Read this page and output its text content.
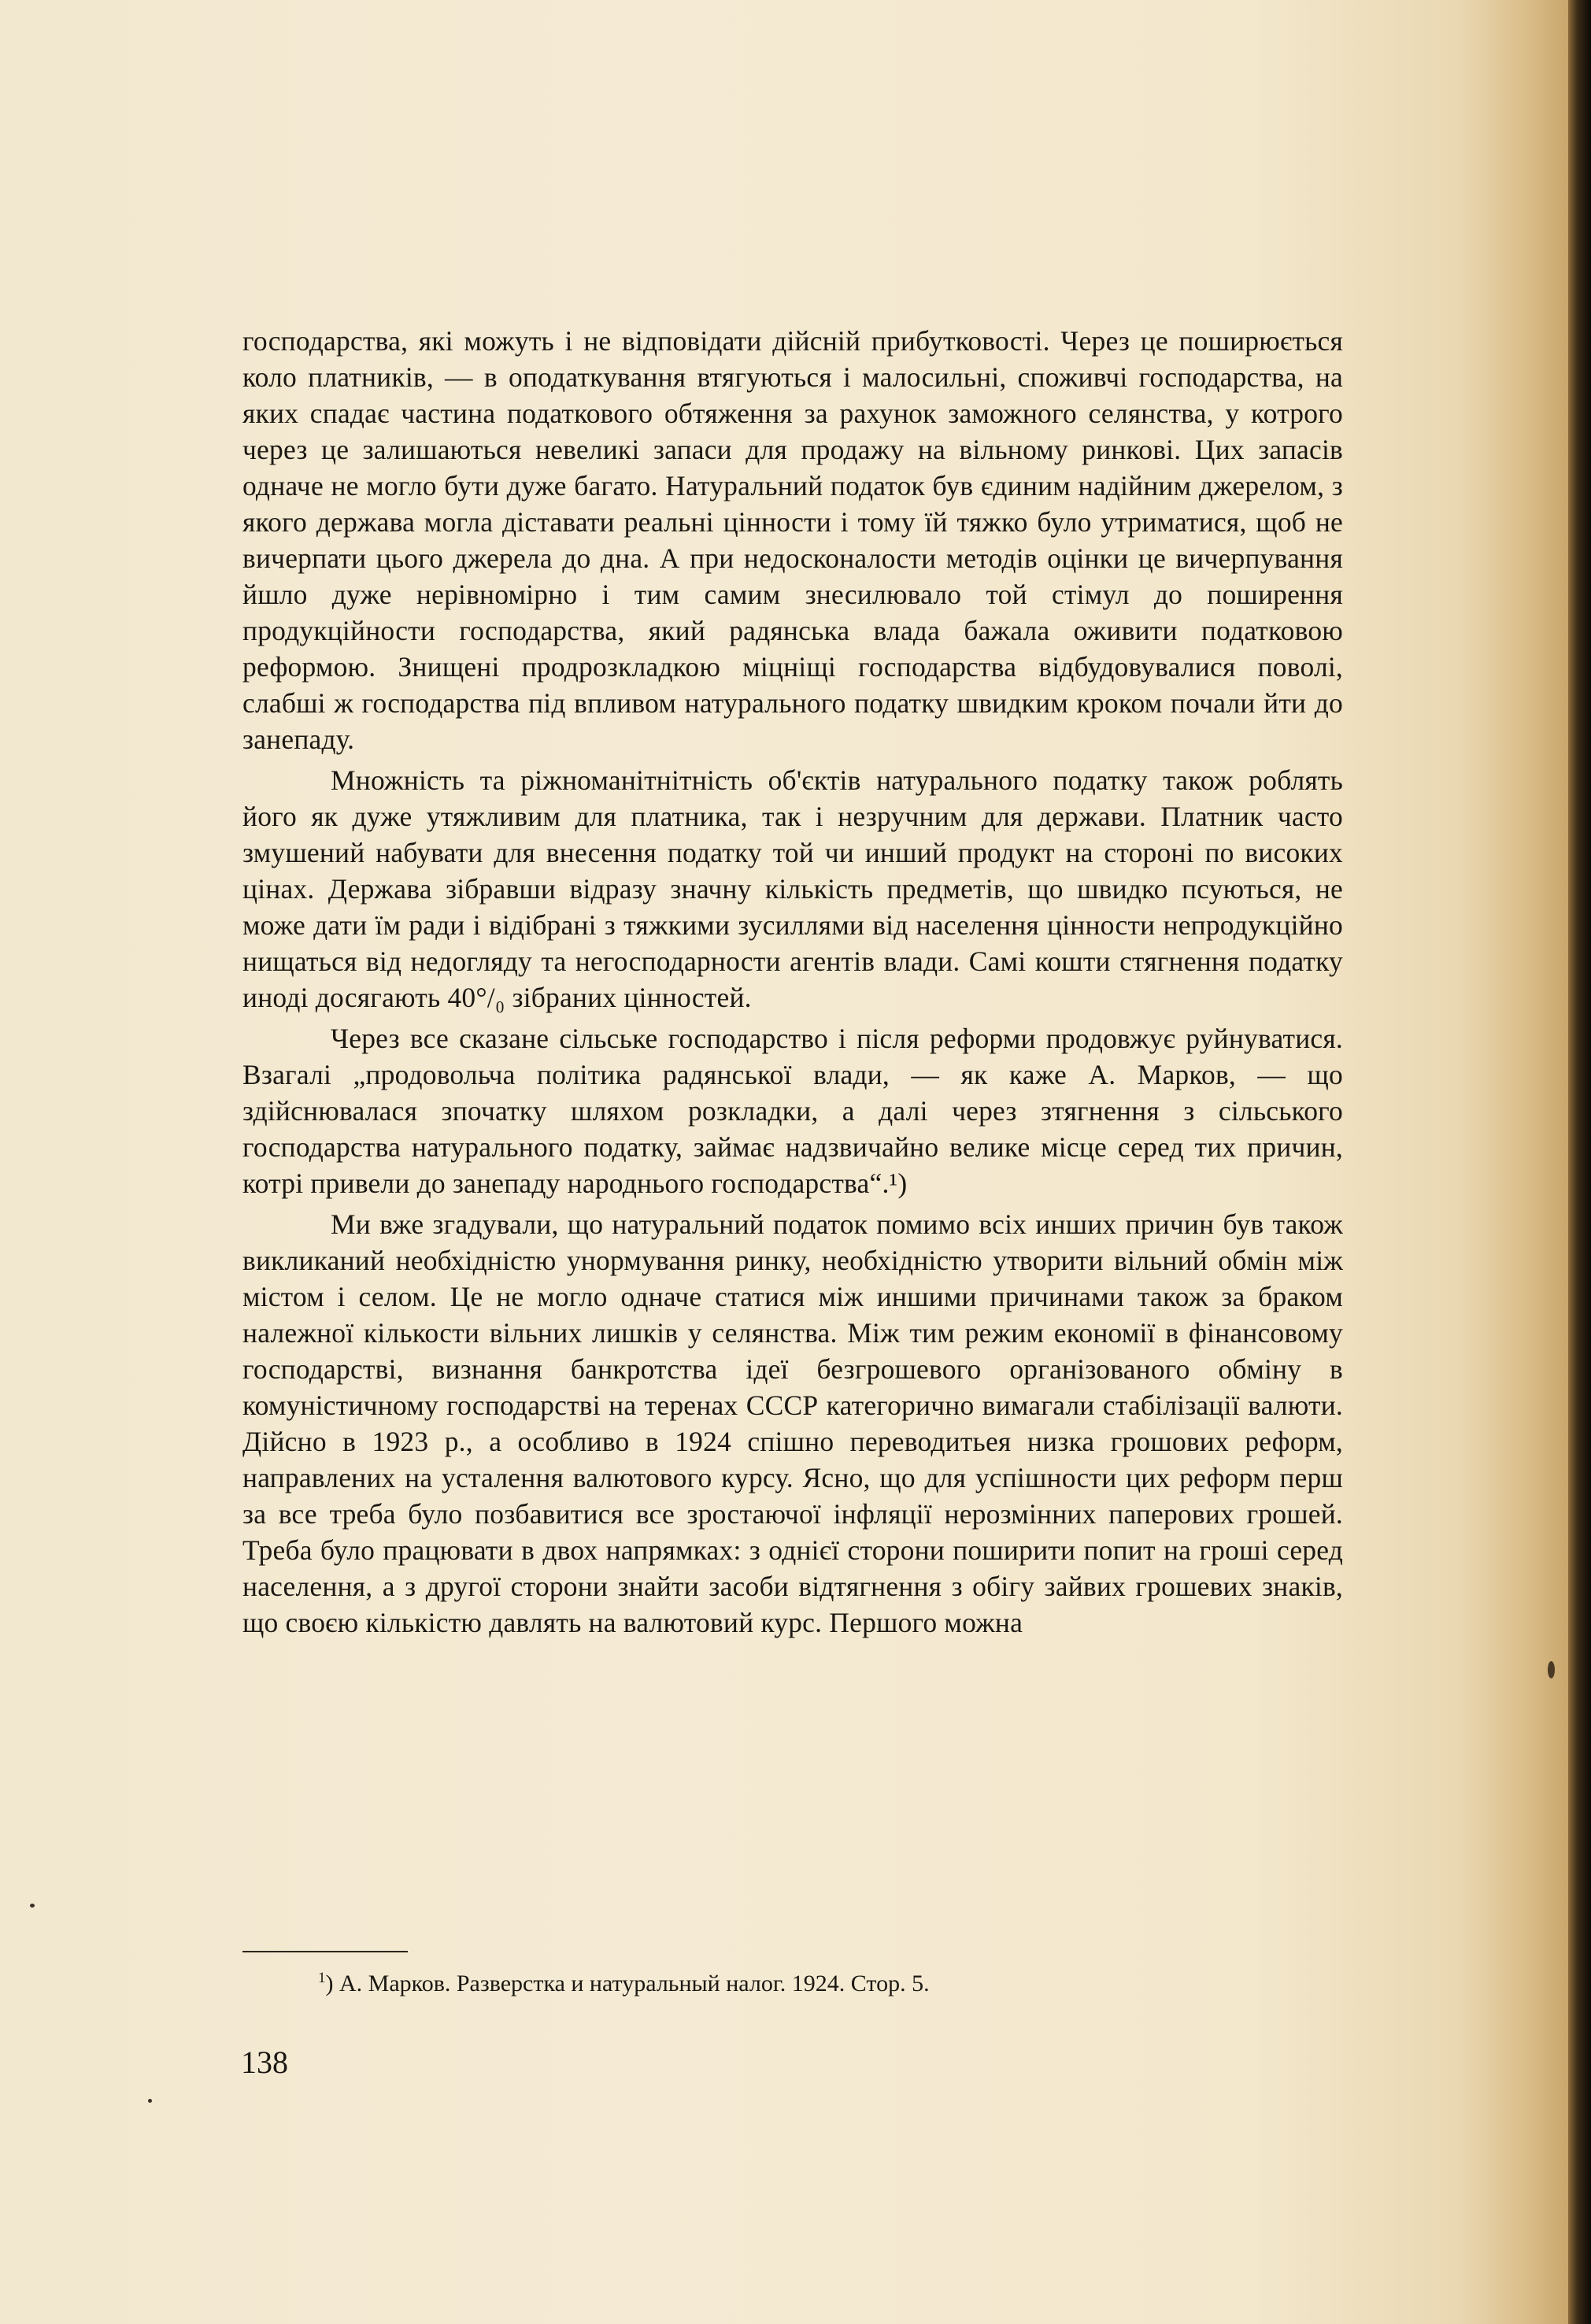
господарства, які можуть і не відповідати дійсній прибутковості. Через це поширюється коло платників, — в оподаткування втягуються і малосильні, споживчі господарства, на яких спадає частина податкового обтяження за рахунок заможного селянства, у котрого через це залишаються невеликі запаси для продажу на вільному ринкові. Цих запасів одначе не могло бути дуже багато. Натуральний податок був єдиним надійним джерелом, з якого держава могла діставати реальні цінности і тому їй тяжко було утриматися, щоб не вичерпати цього джерела до дна. А при недосконалости методів оцінки це вичерпування йшло дуже нерівномірно і тим самим знесилювало той стімул до поширення продукційности господарства, який радянська влада бажала оживити податковою реформою. Знищені продрозкладкою міцніщі господарства відбудовувалися поволі, слабші ж господарства під впливом натурального податку швидким кроком почали йти до занепаду.

Множність та ріжноманітнітність об'єктів натурального податку також роблять його як дуже утяжливим для платника, так і незручним для держави. Платник часто змушений набувати для внесення податку той чи инший продукт на стороні по високих цінах. Держава зібравши відразу значну кількість предметів, що швидко псуються, не може дати їм ради і відібрані з тяжкими зусиллями від населення цінности непродукційно нищаться від недогляду та негосподарности агентів влади. Самі кошти стягнення податку иноді досягають 40°/₀ зібраних цінностей.

Через все сказане сільське господарство і після реформи продовжує руйнуватися. Взагалі „продовольча політика радянської влади, — як каже А. Марков, — що здійснювалася зпочатку шляхом розкладки, а далі через зтягнення з сільського господарства натурального податку, займає надзвичайно велике місце серед тих причин, котрі привели до занепаду народнього господарства“.¹)

Ми вже згадували, що натуральний податок помимо всіх инших причин був також викликаний необхідністю унормування ринку, необхідністю утворити вільний обмін між містом і селом. Це не могло одначе статися між иншими причинами також за браком належної кількости вільних лишків у селянства. Між тим режим економії в фінансовому господарстві, визнання банкротства ідеї безгрошевого організованого обміну в комуністичному господарстві на теренах СССР категорично вимагали стабілізації валюти. Дійсно в 1923 р., а особливо в 1924 спішно переводитьея низка грошових реформ, направлених на усталення валютового курсу. Ясно, що для успішности цих реформ перш за все треба було позбавитися все зростаючої інфляції нерозмінних паперових грошей. Треба було працювати в двох напрямках: з однієї сторони поширити попит на гроші серед населення, а з другої сторони знайти засоби відтягнення з обігу зайвих грошевих знаків, що своєю кількістю давлять на валютовий курс. Першого можна

$^1$) А. Марков. Разверстка и натуральный налог. 1924. Стор. 5.

138
